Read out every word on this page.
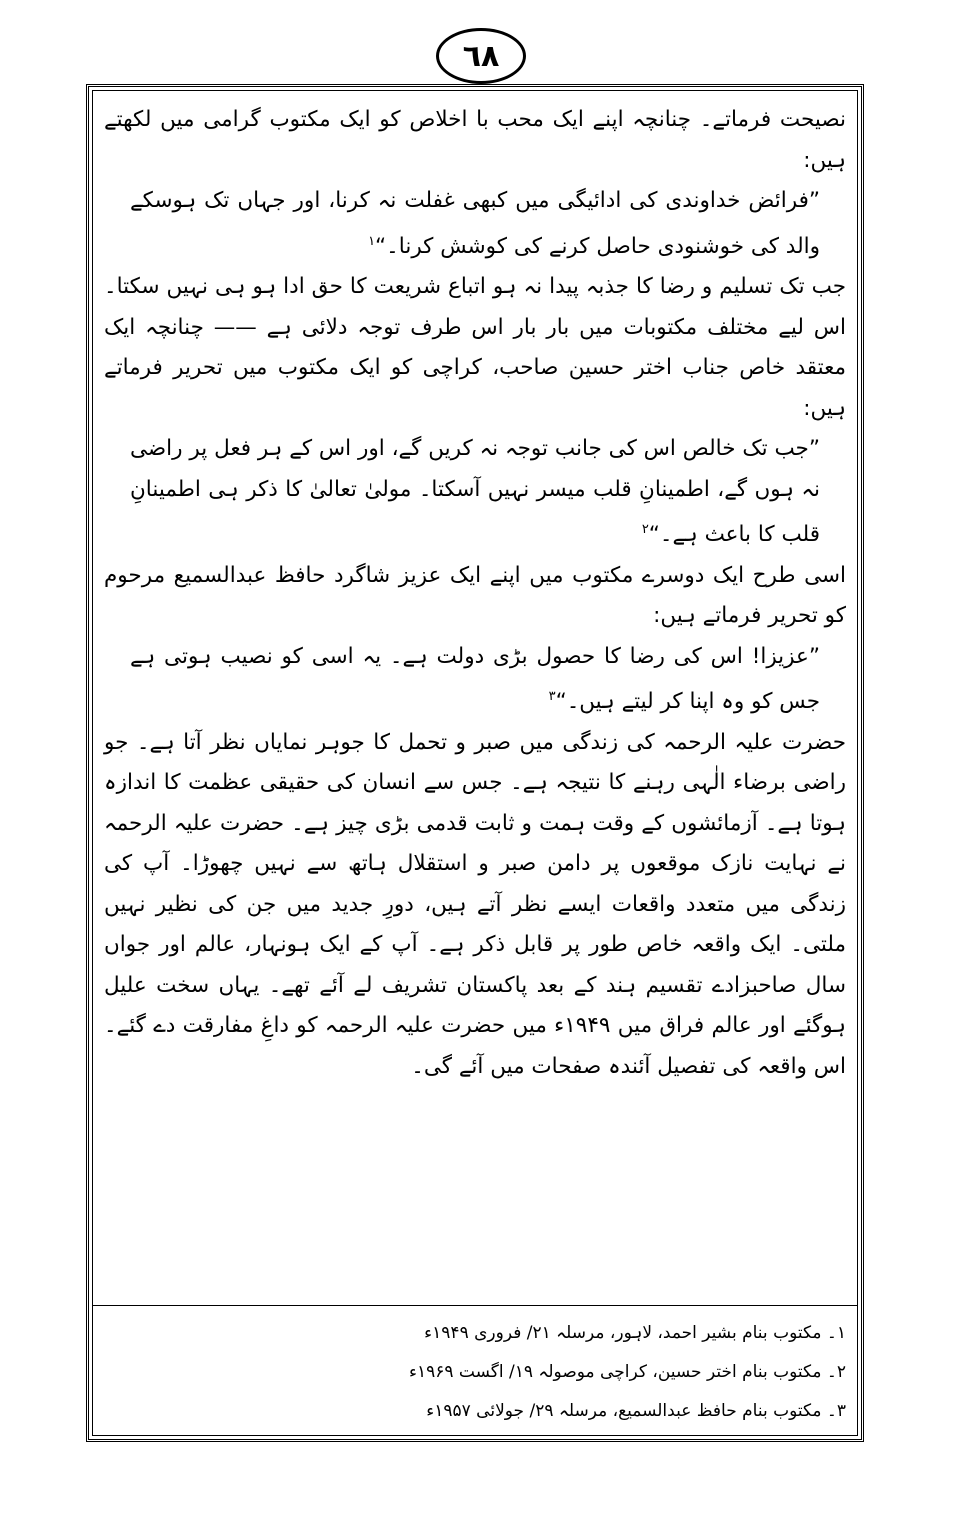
٦٨

نصیحت فرماتے۔ چنانچہ اپنے ایک محب با اخلاص کو ایک مکتوب گرامی میں لکھتے ہیں:

”فرائض خداوندی کی ادائیگی میں کبھی غفلت نہ کرنا، اور جہاں تک ہوسکے والد کی خوشنودی حاصل کرنے کی کوشش کرنا۔“$^۱$

جب تک تسلیم و رضا کا جذبہ پیدا نہ ہو اتباع شریعت کا حق ادا ہو ہی نہیں سکتا۔ اس لیے مختلف مکتوبات میں بار بار اس طرف توجہ دلائی ہے —— چنانچہ ایک معتقد خاص جناب اختر حسین صاحب، کراچی کو ایک مکتوب میں تحریر فرماتے ہیں:

”جب تک خالص اس کی جانب توجہ نہ کریں گے، اور اس کے ہر فعل پر راضی نہ ہوں گے، اطمینانِ قلب میسر نہیں آسکتا۔ مولیٰ تعالیٰ کا ذکر ہی اطمینانِ قلب کا باعث ہے۔“$^۲$

اسی طرح ایک دوسرے مکتوب میں اپنے ایک عزیز شاگرد حافظ عبدالسمیع مرحوم کو تحریر فرماتے ہیں:

”عزیزا! اس کی رضا کا حصول بڑی دولت ہے۔ یہ اسی کو نصیب ہوتی ہے جس کو وہ اپنا کر لیتے ہیں۔“$^۳$

حضرت علیہ الرحمہ کی زندگی میں صبر و تحمل کا جوہر نمایاں نظر آتا ہے۔ جو راضی برضاء الٰہی رہنے کا نتیجہ ہے۔ جس سے انسان کی حقیقی عظمت کا اندازہ ہوتا ہے۔ آزمائشوں کے وقت ہمت و ثابت قدمی بڑی چیز ہے۔ حضرت علیہ الرحمہ نے نہایت نازک موقعوں پر دامن صبر و استقلال ہاتھ سے نہیں چھوڑا۔ آپ کی زندگی میں متعدد واقعات ایسے نظر آتے ہیں، دورِ جدید میں جن کی نظیر نہیں ملتی۔ ایک واقعہ خاص طور پر قابل ذکر ہے۔ آپ کے ایک ہونہار، عالم اور جواں سال صاحبزادے تقسیم ہند کے بعد پاکستان تشریف لے آئے تھے۔ یہاں سخت علیل ہوگئے اور عالم فراق میں ۱۹۴۹ء میں حضرت علیہ الرحمہ کو داغِ مفارقت دے گئے۔ اس واقعہ کی تفصیل آئندہ صفحات میں آئے گی۔

۱۔ مکتوب بنام بشیر احمد، لاہور، مرسلہ ۲۱/ فروری ۱۹۴۹ء
۲۔ مکتوب بنام اختر حسین، کراچی موصولہ ۱۹/ اگست ۱۹۶۹ء
۳۔ مکتوب بنام حافظ عبدالسمیع، مرسلہ ۲۹/ جولائی ۱۹۵۷ء
